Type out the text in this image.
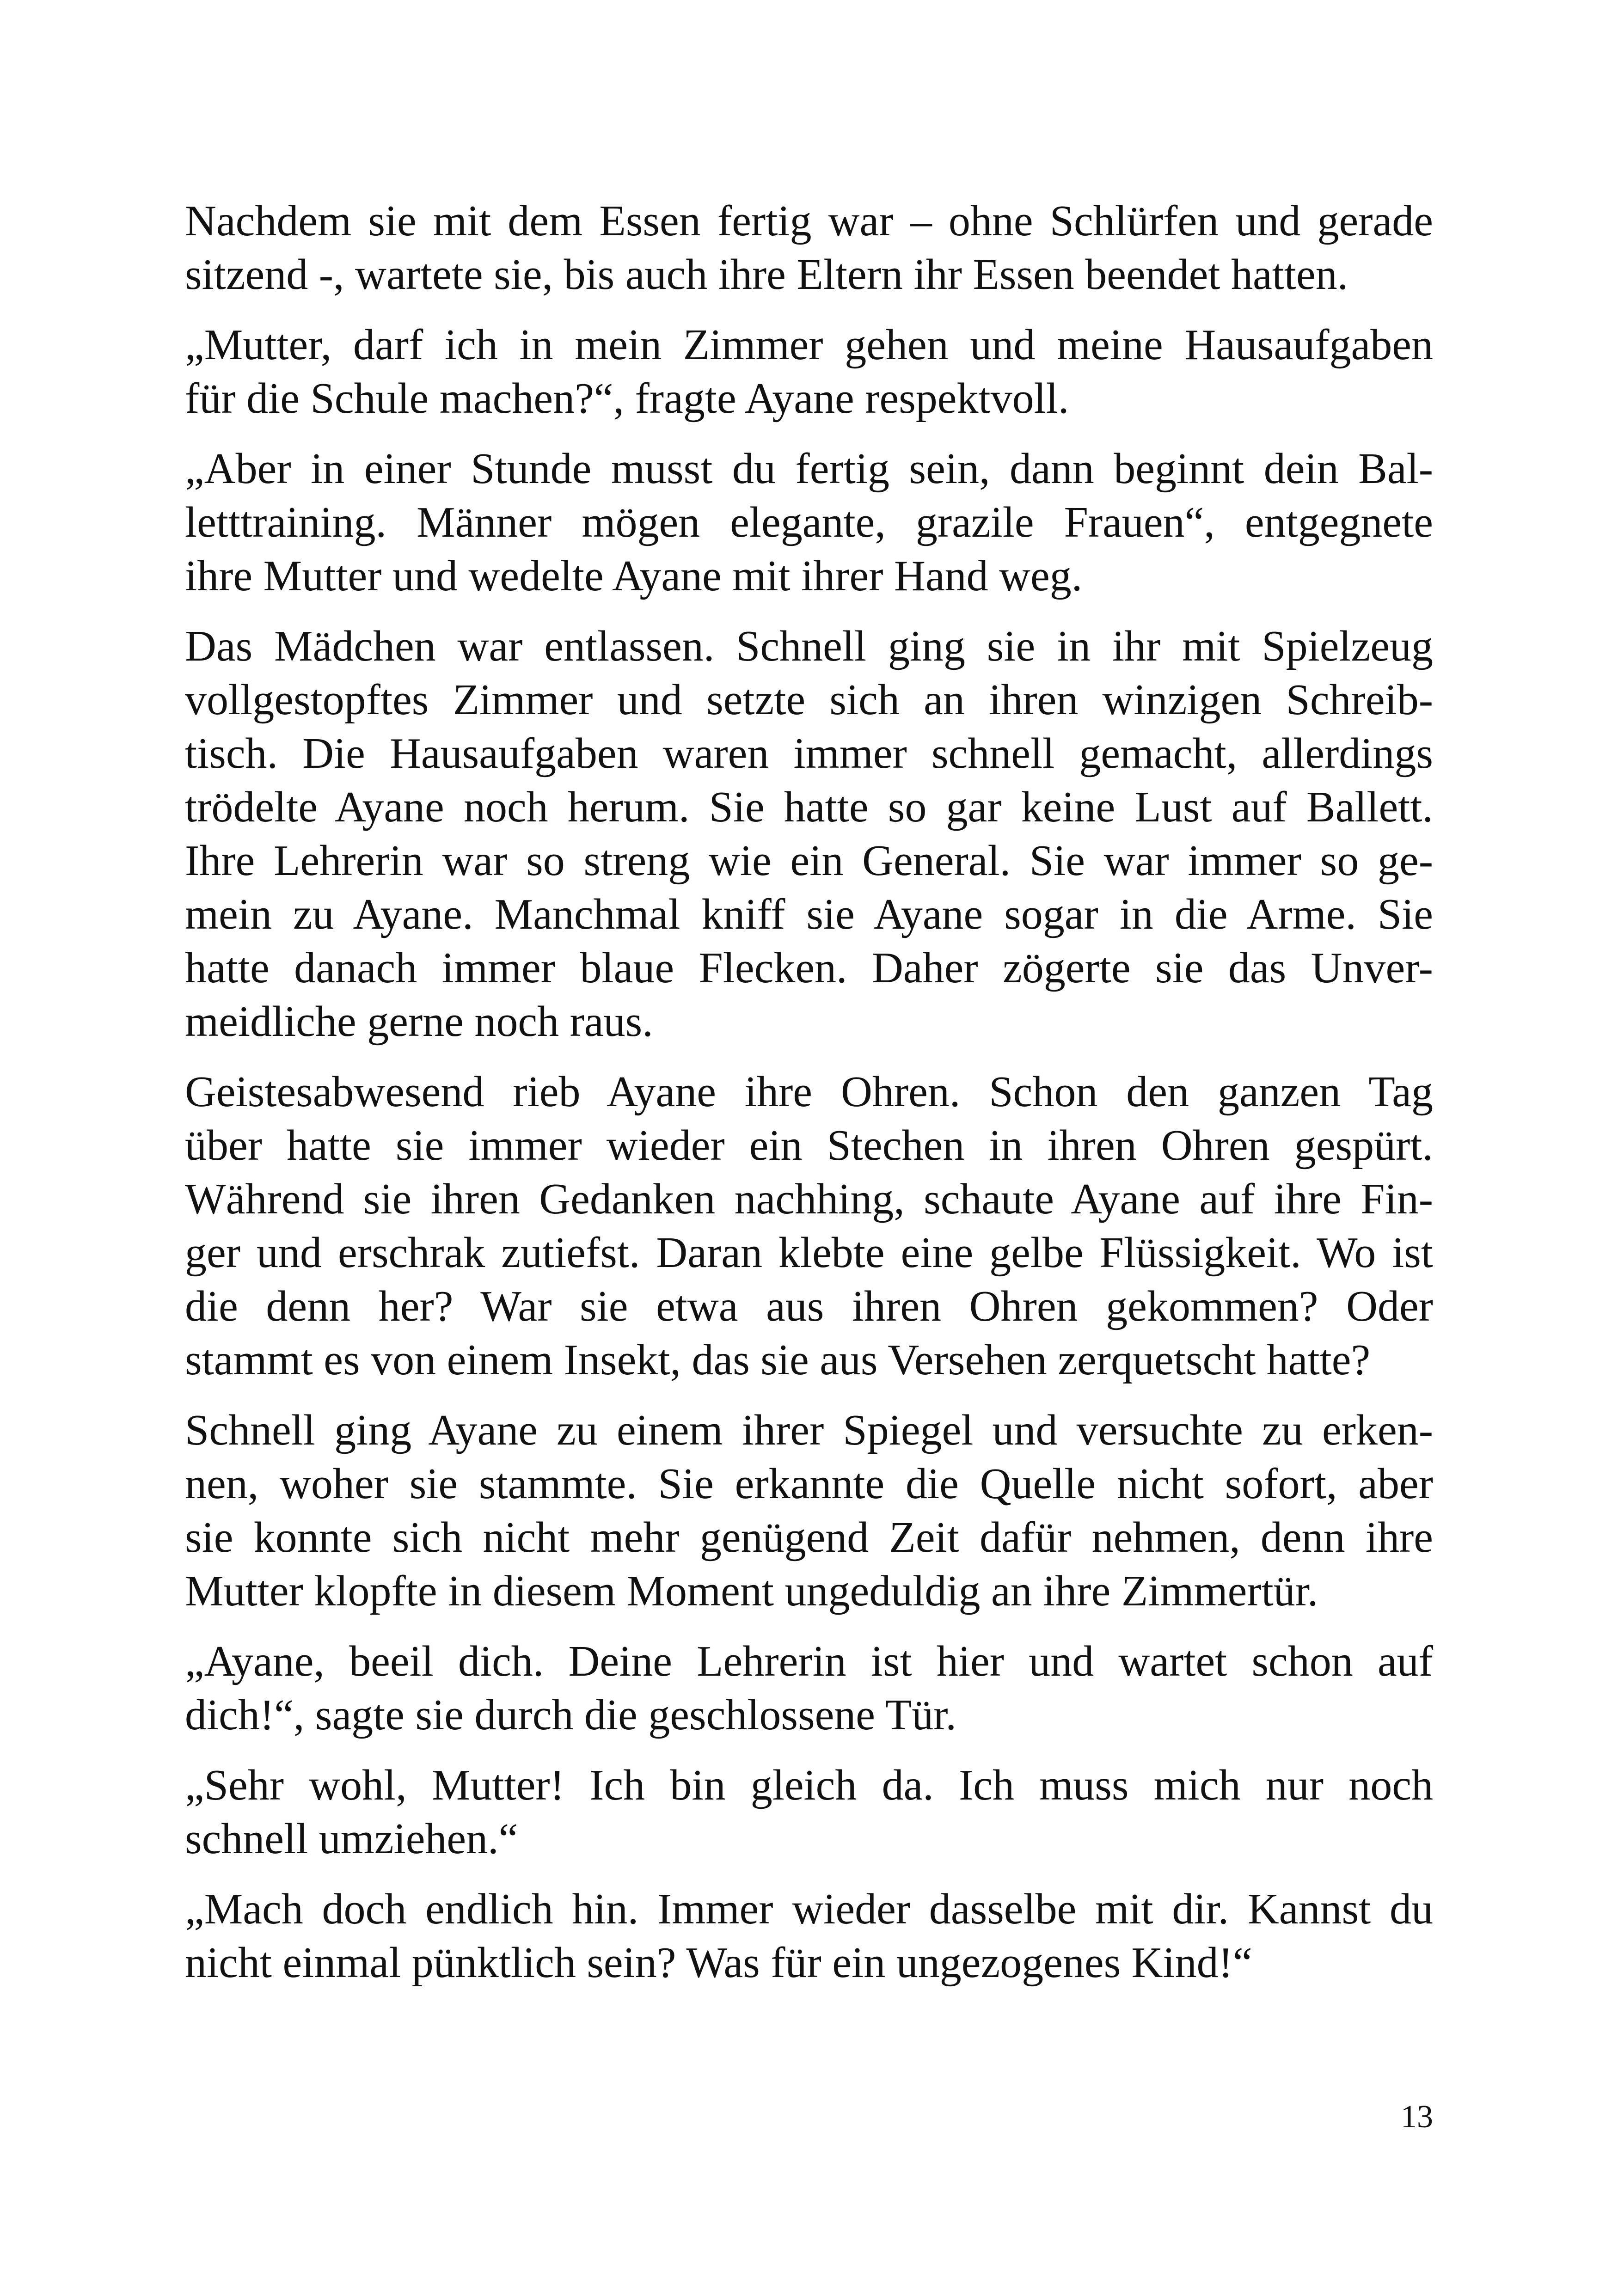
Nachdem sie mit dem Essen fertig war – ohne Schlürfen und gerade
sitzend -, wartete sie, bis auch ihre Eltern ihr Essen beendet hatten.

„Mutter, darf ich in mein Zimmer gehen und meine Hausaufgaben
für die Schule machen?“, fragte Ayane respektvoll.

„Aber in einer Stunde musst du fertig sein, dann beginnt dein Bal-
letttraining. Männer mögen elegante, grazile Frauen“, entgegnete
ihre Mutter und wedelte Ayane mit ihrer Hand weg.

Das Mädchen war entlassen. Schnell ging sie in ihr mit Spielzeug
vollgestopftes Zimmer und setzte sich an ihren winzigen Schreib-
tisch. Die Hausaufgaben waren immer schnell gemacht, allerdings
trödelte Ayane noch herum. Sie hatte so gar keine Lust auf Ballett.
Ihre Lehrerin war so streng wie ein General. Sie war immer so ge-
mein zu Ayane. Manchmal kniff sie Ayane sogar in die Arme. Sie
hatte danach immer blaue Flecken. Daher zögerte sie das Unver-
meidliche gerne noch raus.

Geistesabwesend rieb Ayane ihre Ohren. Schon den ganzen Tag
über hatte sie immer wieder ein Stechen in ihren Ohren gespürt.
Während sie ihren Gedanken nachhing, schaute Ayane auf ihre Fin-
ger und erschrak zutiefst. Daran klebte eine gelbe Flüssigkeit. Wo ist
die denn her? War sie etwa aus ihren Ohren gekommen? Oder
stammt es von einem Insekt, das sie aus Versehen zerquetscht hatte?

Schnell ging Ayane zu einem ihrer Spiegel und versuchte zu erken-
nen, woher sie stammte. Sie erkannte die Quelle nicht sofort, aber
sie konnte sich nicht mehr genügend Zeit dafür nehmen, denn ihre
Mutter klopfte in diesem Moment ungeduldig an ihre Zimmertür.

„Ayane, beeil dich. Deine Lehrerin ist hier und wartet schon auf
dich!“, sagte sie durch die geschlossene Tür.

„Sehr wohl, Mutter! Ich bin gleich da. Ich muss mich nur noch
schnell umziehen.“

„Mach doch endlich hin. Immer wieder dasselbe mit dir. Kannst du
nicht einmal pünktlich sein? Was für ein ungezogenes Kind!“

13
